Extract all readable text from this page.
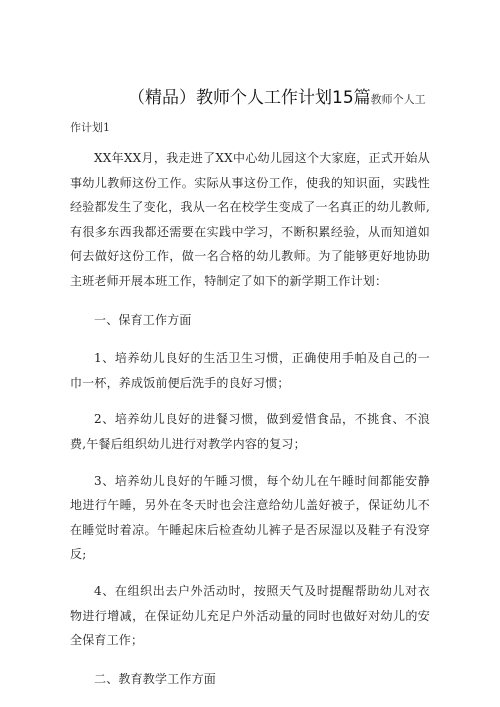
（精品）教师个人工作计划15篇教师个人工
作计划1

XX年XX月，我走进了XX中心幼儿园这个大家庭，正式开始从事幼儿教师这份工作。实际从事这份工作，使我的知识面，实践性经验都发生了变化，我从一名在校学生变成了一名真正的幼儿教师,有很多东西我都还需要在实践中学习，不断积累经验，从而知道如何去做好这份工作，做一名合格的幼儿教师。为了能够更好地协助主班老师开展本班工作，特制定了如下的新学期工作计划：

一、保育工作方面

1、培养幼儿良好的生活卫生习惯，正确使用手帕及自己的一巾一杯，养成饭前便后洗手的良好习惯；

2、培养幼儿良好的进餐习惯，做到爱惜食品，不挑食、不浪费,午餐后组织幼儿进行对教学内容的复习；

3、培养幼儿良好的午睡习惯，每个幼儿在午睡时间都能安静地进行午睡，另外在冬天时也会注意给幼儿盖好被子，保证幼儿不在睡觉时着凉。午睡起床后检查幼儿裤子是否尿湿以及鞋子有没穿反;

4、在组织出去户外活动时，按照天气及时提醒帮助幼儿对衣物进行增减，在保证幼儿充足户外活动量的同时也做好对幼儿的安全保育工作；

二、教育教学工作方面
